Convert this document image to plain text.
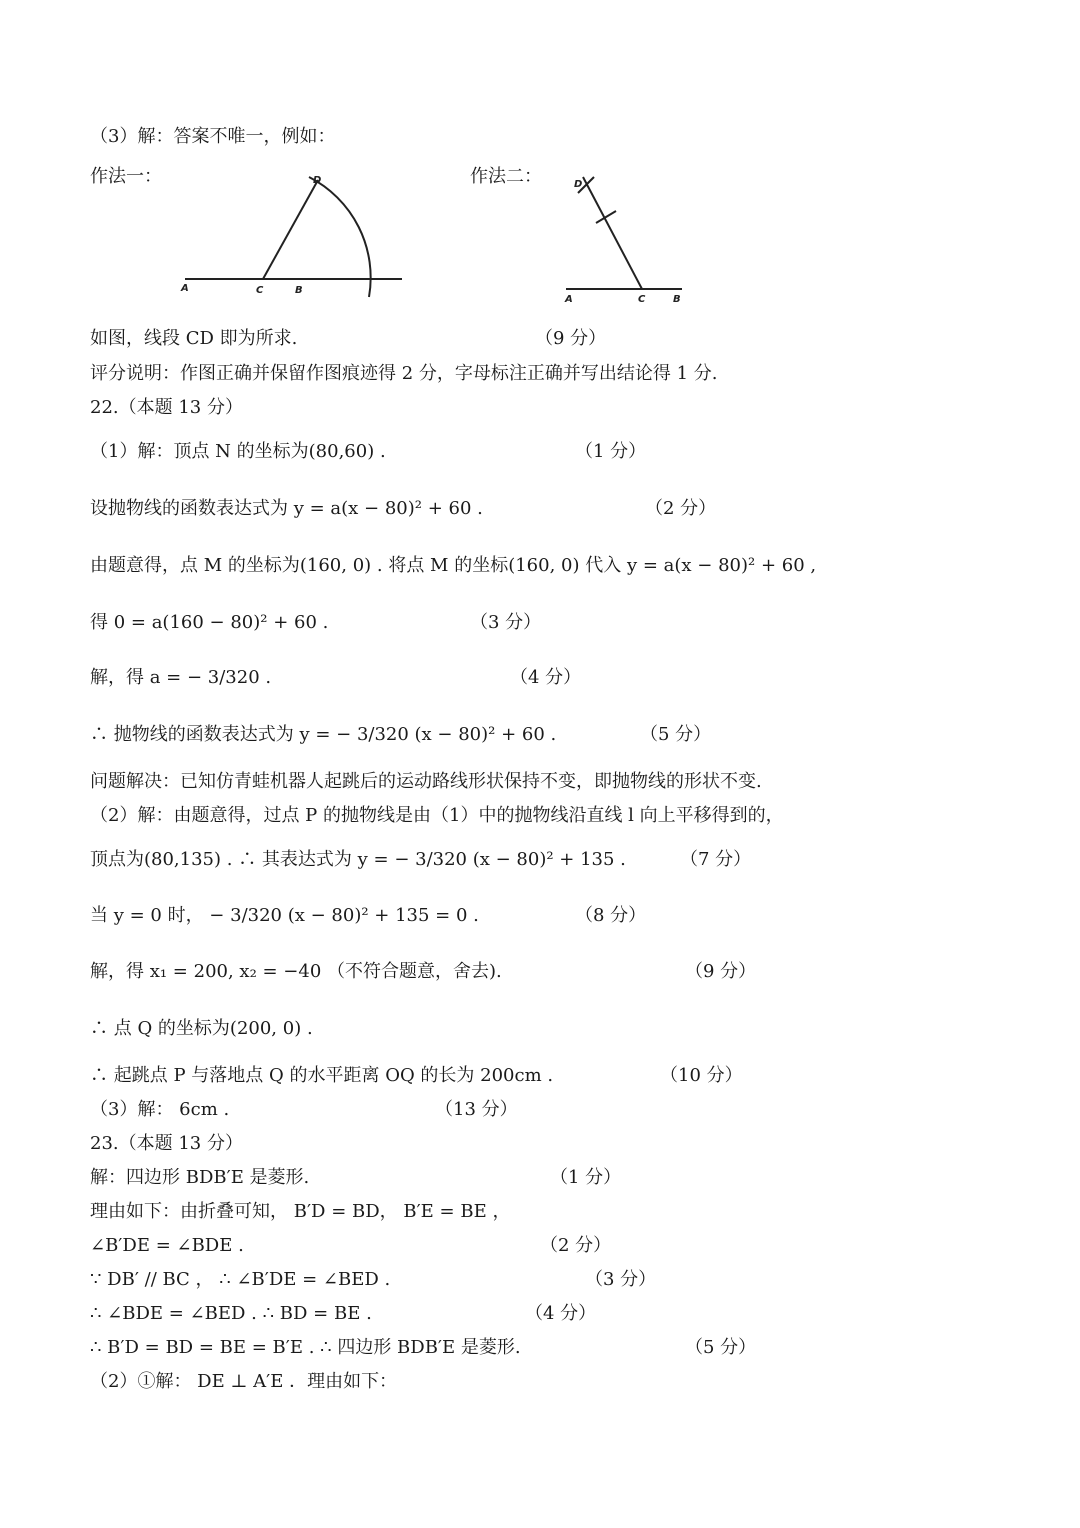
（3）解：答案不唯一，例如：
作法一：	作法二：
D
A	C	B
D
A	C	B
如图，线段 CD 即为所求.	（9 分）
评分说明：作图正确并保留作图痕迹得 2 分，字母标注正确并写出结论得 1 分.
22.（本题 13 分）
（1）解：顶点 N 的坐标为(80,60) .	（1 分）
设抛物线的函数表达式为 y = a(x − 80)² + 60 .	（2 分）
由题意得，点 M 的坐标为(160, 0) . 将点 M 的坐标(160, 0) 代入 y = a(x − 80)² + 60 ,
得 0 = a(160 − 80)² + 60 .	（3 分）
解，得 a = − 3/320 .	（4 分）
∴ 抛物线的函数表达式为 y = − 3/320 (x − 80)² + 60 .	（5 分）
问题解决：已知仿青蛙机器人起跳后的运动路线形状保持不变，即抛物线的形状不变.
（2）解：由题意得，过点 P 的抛物线是由（1）中的抛物线沿直线 l 向上平移得到的，
顶点为(80,135) . ∴ 其表达式为 y = − 3/320 (x − 80)² + 135 .	（7 分）
当 y = 0 时， − 3/320 (x − 80)² + 135 = 0 .	（8 分）
解，得 x₁ = 200, x₂ = −40 （不符合题意，舍去).	（9 分）
∴ 点 Q 的坐标为(200, 0) .
∴ 起跳点 P 与落地点 Q 的水平距离 OQ 的长为 200cm .	（10 分）
（3）解： 6cm .	（13 分）
23.（本题 13 分）
解：四边形 BDB′E 是菱形.	（1 分）
理由如下：由折叠可知， B′D = BD， B′E = BE ，
∠B′DE = ∠BDE .	（2 分）
∵ DB′ // BC ， ∴ ∠B′DE = ∠BED .	（3 分）
∴ ∠BDE = ∠BED . ∴ BD = BE .	（4 分）
∴ B′D = BD = BE = B′E . ∴ 四边形 BDB′E 是菱形.	（5 分）
（2）①解： DE ⊥ A′E ．理由如下：
